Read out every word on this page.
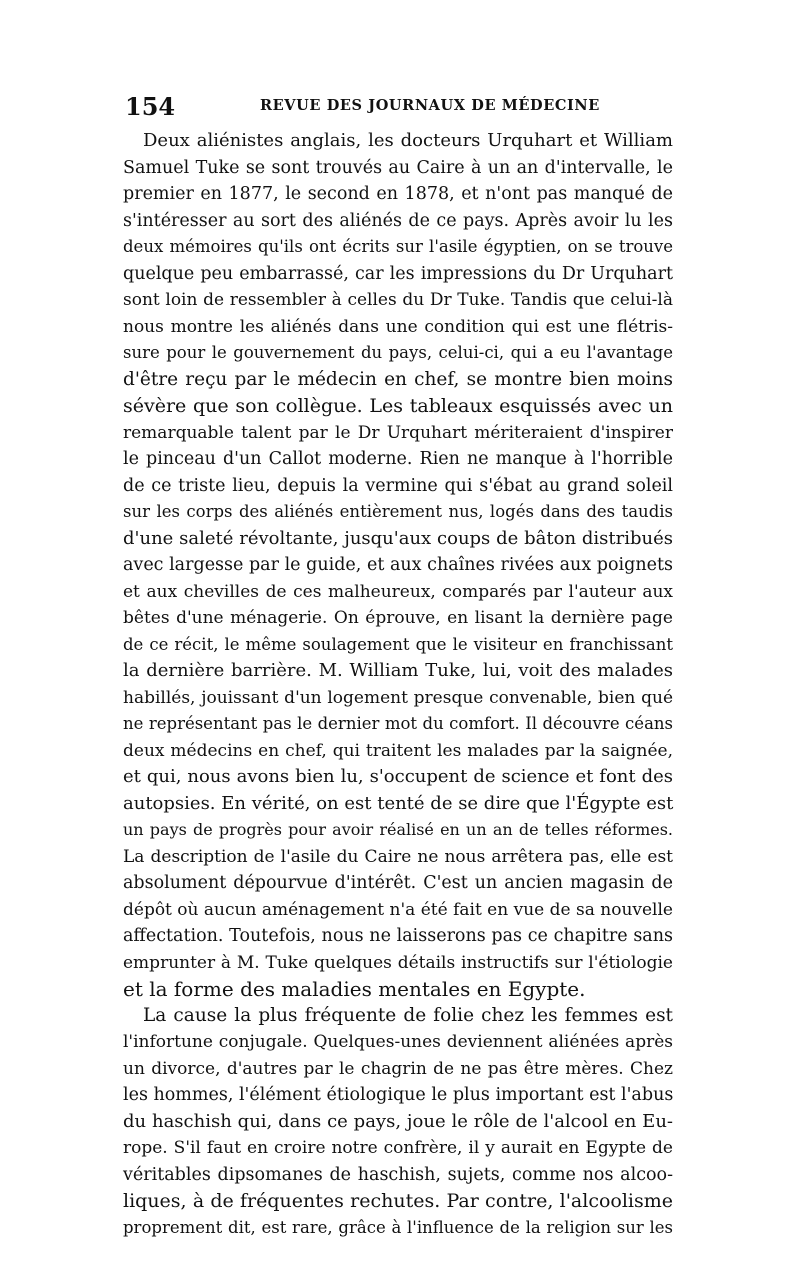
154	REVUE DES JOURNAUX DE MÉDECINE
Deux aliénistes anglais, les docteurs Urquhart et William
Samuel Tuke se sont trouvés au Caire à un an d'intervalle, le
premier en 1877, le second en 1878, et n'ont pas manqué de
s'intéresser au sort des aliénés de ce pays. Après avoir lu les
deux mémoires qu'ils ont écrits sur l'asile égyptien, on se trouve
quelque peu embarrassé, car les impressions du Dr Urquhart
sont loin de ressembler à celles du Dr Tuke. Tandis que celui-là
nous montre les aliénés dans une condition qui est une flétris-
sure pour le gouvernement du pays, celui-ci, qui a eu l'avantage
d'être reçu par le médecin en chef, se montre bien moins
sévère que son collègue. Les tableaux esquissés avec un
remarquable talent par le Dr Urquhart mériteraient d'inspirer
le pinceau d'un Callot moderne. Rien ne manque à l'horrible
de ce triste lieu, depuis la vermine qui s'ébat au grand soleil
sur les corps des aliénés entièrement nus, logés dans des taudis
d'une saleté révoltante, jusqu'aux coups de bâton distribués
avec largesse par le guide, et aux chaînes rivées aux poignets
et aux chevilles de ces malheureux, comparés par l'auteur aux
bêtes d'une ménagerie. On éprouve, en lisant la dernière page
de ce récit, le même soulagement que le visiteur en franchissant
la dernière barrière. M. William Tuke, lui, voit des malades
habillés, jouissant d'un logement presque convenable, bien qué
ne représentant pas le dernier mot du comfort. Il découvre céans
deux médecins en chef, qui traitent les malades par la saignée,
et qui, nous avons bien lu, s'occupent de science et font des
autopsies. En vérité, on est tenté de se dire que l'Égypte est
un pays de progrès pour avoir réalisé en un an de telles réformes.
La description de l'asile du Caire ne nous arrêtera pas, elle est
absolument dépourvue d'intérêt. C'est un ancien magasin de
dépôt où aucun aménagement n'a été fait en vue de sa nouvelle
affectation. Toutefois, nous ne laisserons pas ce chapitre sans
emprunter à M. Tuke quelques détails instructifs sur l'étiologie
et la forme des maladies mentales en Egypte.
La cause la plus fréquente de folie chez les femmes est
l'infortune conjugale. Quelques-unes deviennent aliénées après
un divorce, d'autres par le chagrin de ne pas être mères. Chez
les hommes, l'élément étiologique le plus important est l'abus
du haschish qui, dans ce pays, joue le rôle de l'alcool en Eu-
rope. S'il faut en croire notre confrère, il y aurait en Egypte de
véritables dipsomanes de haschish, sujets, comme nos alcoo-
liques, à de fréquentes rechutes. Par contre, l'alcoolisme
proprement dit, est rare, grâce à l'influence de la religion sur les
